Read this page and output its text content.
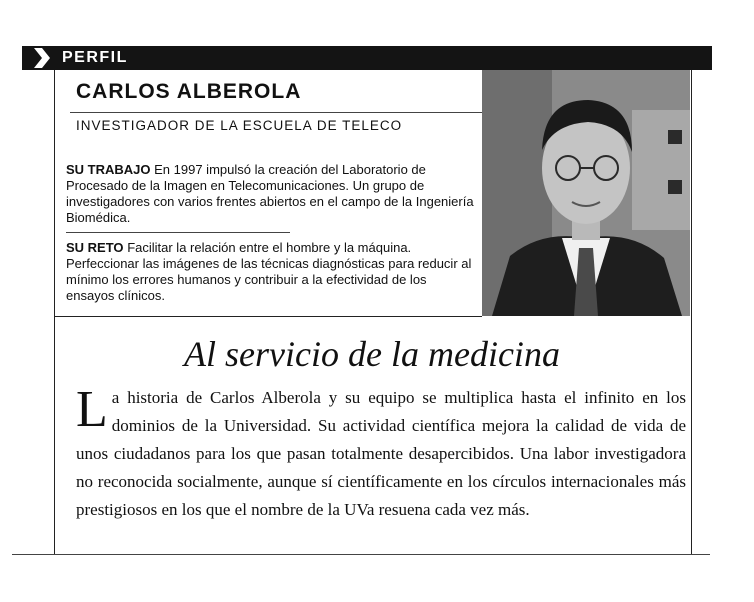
PERFIL
CARLOS ALBEROLA
INVESTIGADOR DE LA ESCUELA DE TELECO
SU TRABAJO En 1997 impulsó la creación del Laboratorio de Procesado de la Imagen en Telecomunicaciones. Un grupo de investigadores con varios frentes abiertos en el campo de la Ingeniería Biomédica.
SU RETO Facilitar la relación entre el hombre y la máquina. Perfeccionar las imágenes de las técnicas diagnósticas para reducir al mínimo los errores humanos y contribuir a la efectividad de los ensayos clínicos.
Al servicio de la medicina
L a historia de Carlos Alberola y su equipo se multiplica hasta el infinito en los dominios de la Universidad. Su actividad científica mejora la calidad de vida de unos ciudadanos para los que pasan totalmente desapercibidos. Una labor investigadora no reconocida socialmente, aunque sí científicamente en los círculos internacionales más prestigiosos en los que el nombre de la UVa resuena cada vez más.
